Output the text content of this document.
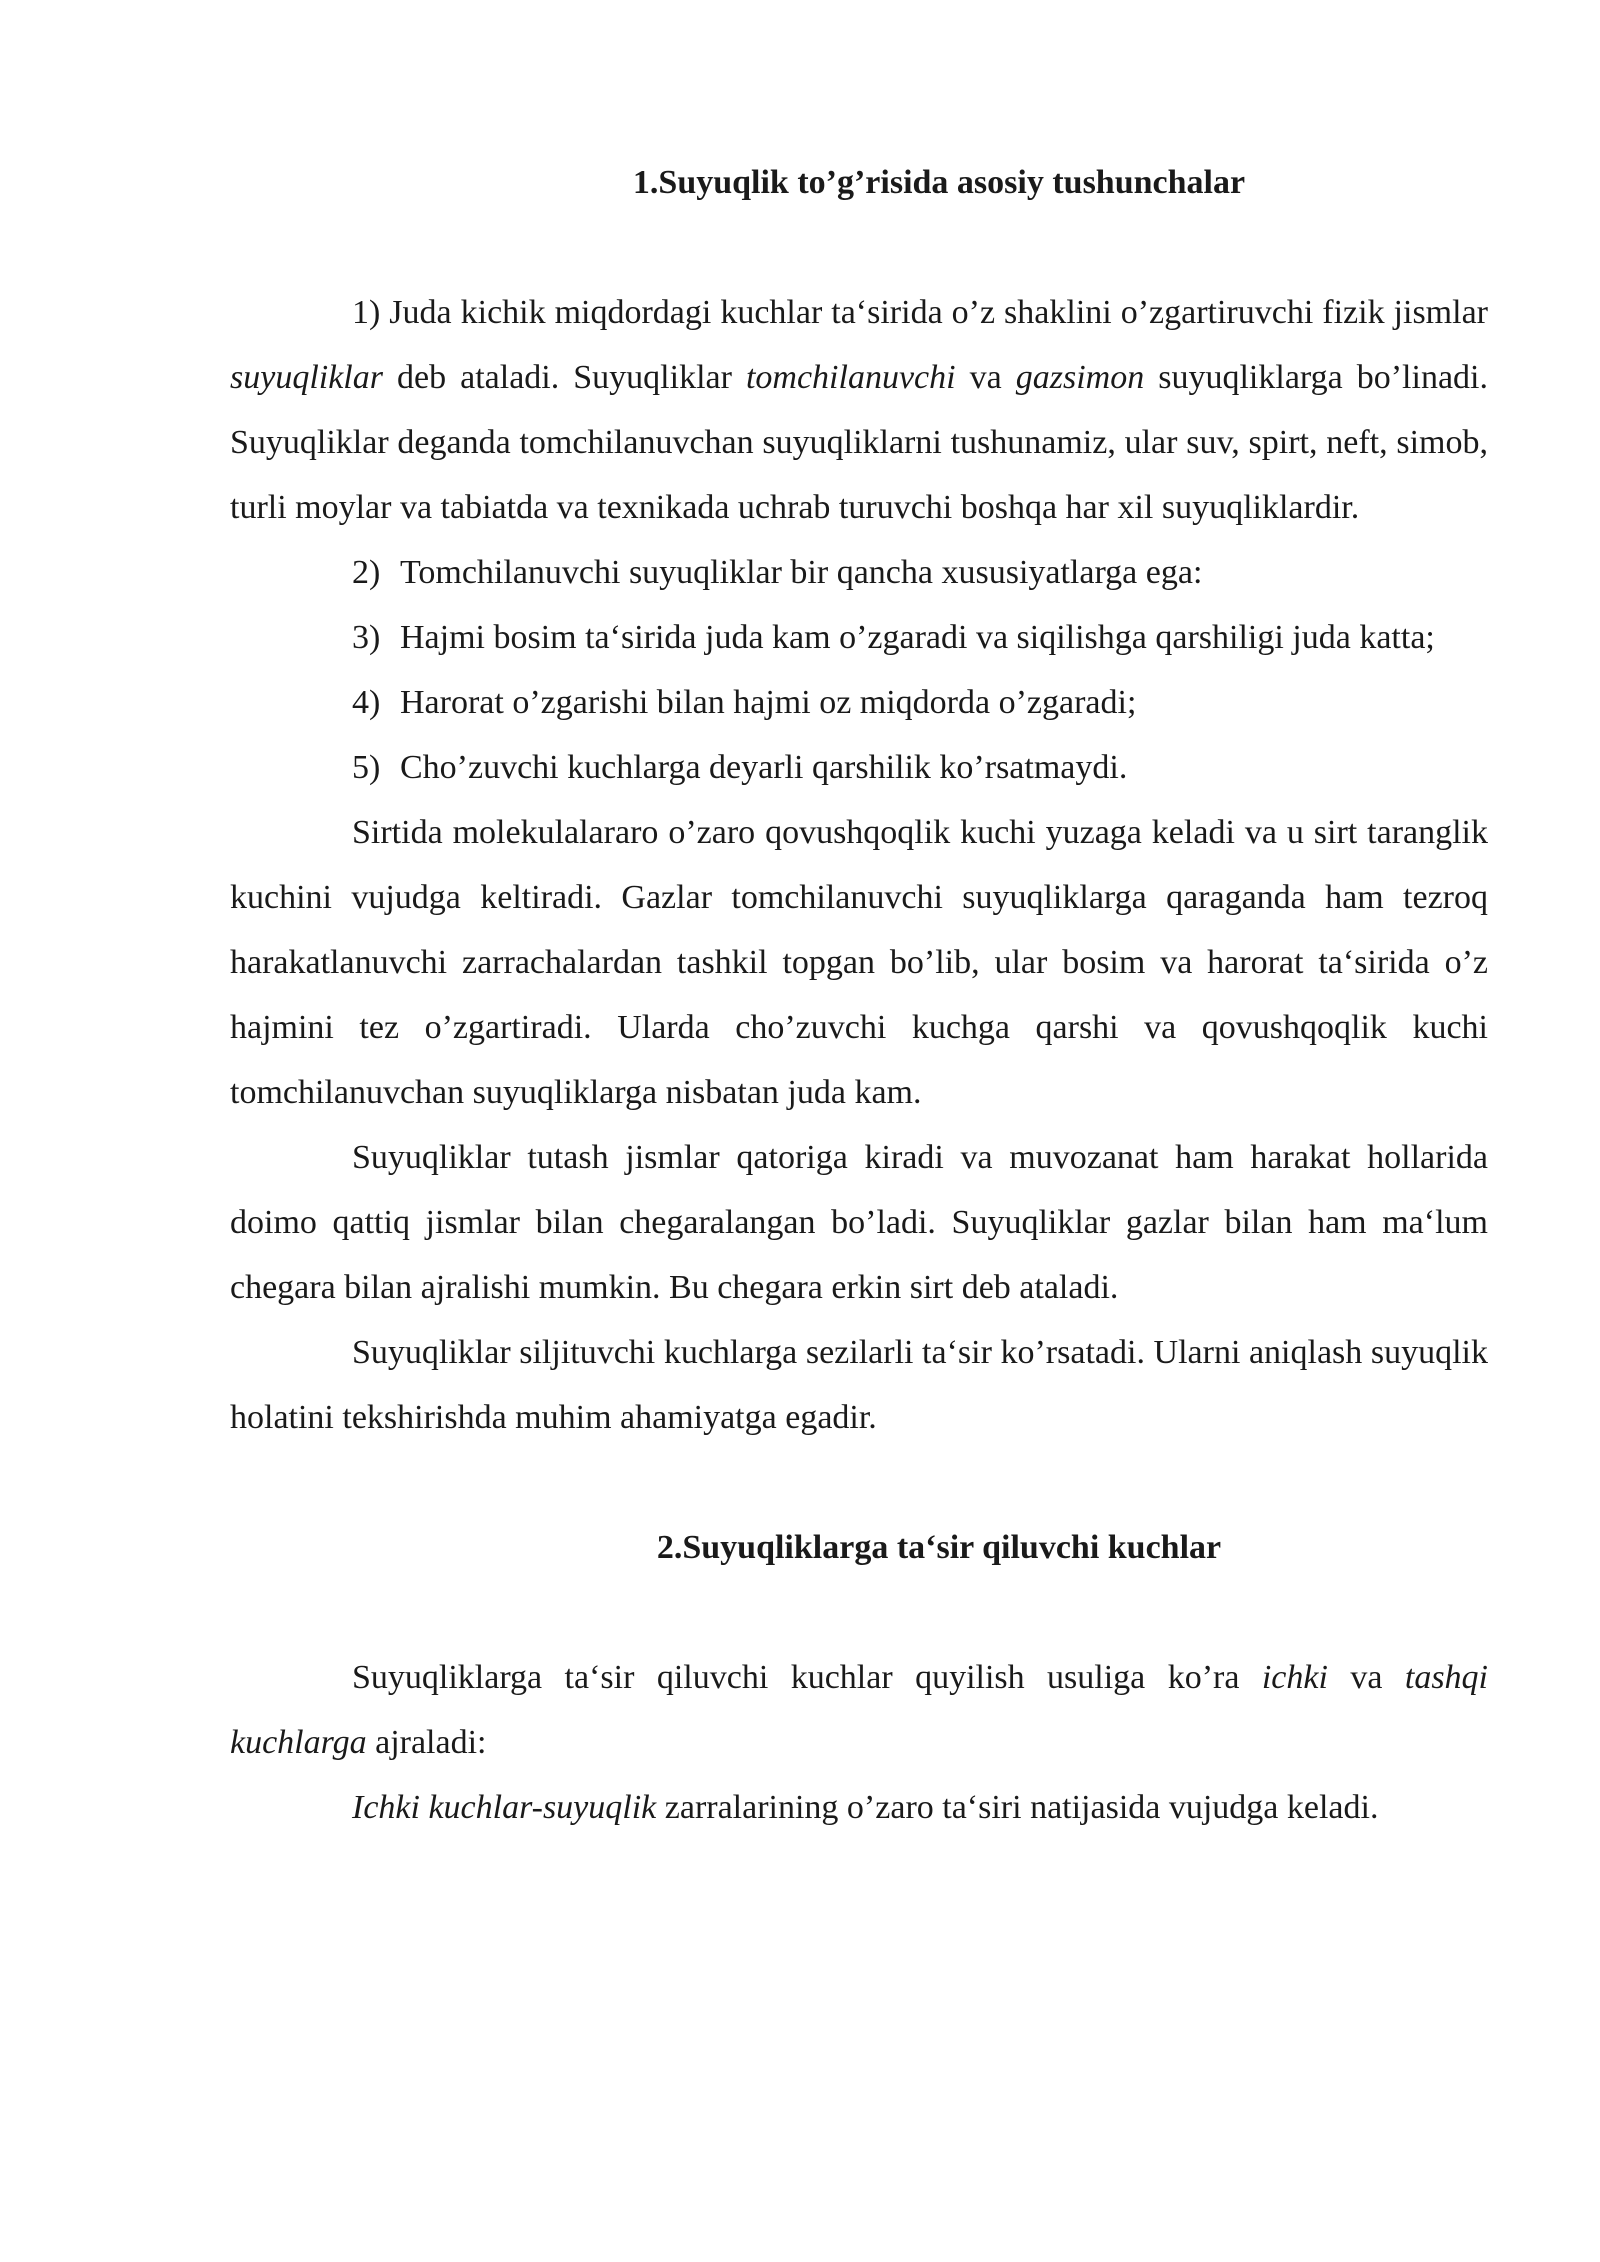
1.Suyuqlik to’g’risida asosiy tushunchalar

1) Juda kichik miqdordagi kuchlar ta‘sirida o’z shaklini o’zgartiruvchi fizik jismlar suyuqliklar deb ataladi. Suyuqliklar tomchilanuvchi va gazsimon suyuqliklarga bo’linadi. Suyuqliklar deganda tomchilanuvchan suyuqliklarni tushunamiz, ular suv, spirt, neft, simob, turli moylar va tabiatda va texnikada uchrab turuvchi boshqa har xil suyuqliklardir.

2) Tomchilanuvchi suyuqliklar bir qancha xususiyatlarga ega:

3) Hajmi bosim ta‘sirida juda kam o’zgaradi va siqilishga qarshiligi juda katta;

4) Harorat o’zgarishi bilan hajmi oz miqdorda o’zgaradi;

5) Cho’zuvchi kuchlarga deyarli qarshilik ko’rsatmaydi.

Sirtida molekulalararo o’zaro qovushqoqlik kuchi yuzaga keladi va u sirt taranglik kuchini vujudga keltiradi. Gazlar tomchilanuvchi suyuqliklarga qaraganda ham tezroq harakatlanuvchi zarrachalardan tashkil topgan bo’lib, ular bosim va harorat ta‘sirida o’z hajmini tez o’zgartiradi. Ularda cho’zuvchi kuchga qarshi va qovushqoqlik kuchi tomchilanuvchan suyuqliklarga nisbatan juda kam.

Suyuqliklar tutash jismlar qatoriga kiradi va muvozanat ham harakat hollarida doimo qattiq jismlar bilan chegaralangan bo’ladi. Suyuqliklar gazlar bilan ham ma‘lum chegara bilan ajralishi mumkin. Bu chegara erkin sirt deb ataladi.

Suyuqliklar siljituvchi kuchlarga sezilarli ta‘sir ko’rsatadi. Ularni aniqlash suyuqlik holatini tekshirishda muhim ahamiyatga egadir.

2.Suyuqliklarga ta‘sir qiluvchi kuchlar

Suyuqliklarga ta‘sir qiluvchi kuchlar quyilish usuliga ko’ra ichki va tashqi kuchlarga ajraladi:

Ichki kuchlar-suyuqlik zarralarining o’zaro ta‘siri natijasida vujudga keladi.
